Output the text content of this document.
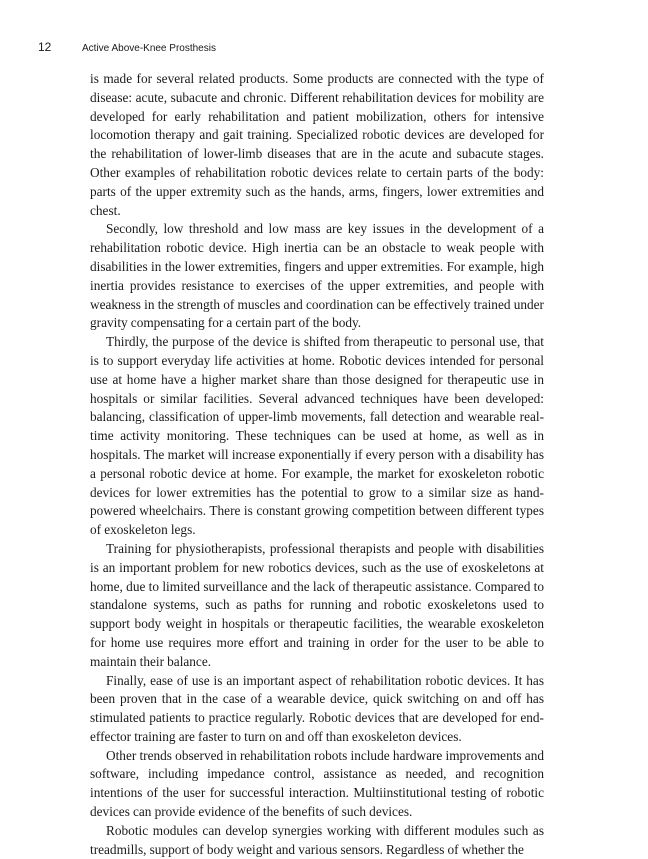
12	Active Above-Knee Prosthesis

is made for several related products. Some products are connected with the type of disease: acute, subacute and chronic. Different rehabilitation devices for mobility are developed for early rehabilitation and patient mobilization, others for intensive locomotion therapy and gait training. Specialized robotic devices are developed for the rehabilitation of lower-limb diseases that are in the acute and subacute stages. Other examples of rehabilitation robotic devices relate to certain parts of the body: parts of the upper extremity such as the hands, arms, fingers, lower extremities and chest.

Secondly, low threshold and low mass are key issues in the development of a rehabilitation robotic device. High inertia can be an obstacle to weak people with disabilities in the lower extremities, fingers and upper extremities. For example, high inertia provides resistance to exercises of the upper extremities, and people with weakness in the strength of muscles and coordination can be effectively trained under gravity compensating for a certain part of the body.

Thirdly, the purpose of the device is shifted from therapeutic to personal use, that is to support everyday life activities at home. Robotic devices intended for personal use at home have a higher market share than those designed for therapeutic use in hospitals or similar facilities. Several advanced techniques have been developed: balancing, classification of upper-limb movements, fall detection and wearable real-time activity monitoring. These techniques can be used at home, as well as in hospitals. The market will increase exponentially if every person with a disability has a personal robotic device at home. For example, the market for exoskeleton robotic devices for lower extremities has the potential to grow to a similar size as hand-powered wheelchairs. There is constant growing competition between different types of exoskeleton legs.

Training for physiotherapists, professional therapists and people with disabilities is an important problem for new robotics devices, such as the use of exoskeletons at home, due to limited surveillance and the lack of therapeutic assistance. Compared to standalone systems, such as paths for running and robotic exoskeletons used to support body weight in hospitals or therapeutic facilities, the wearable exoskeleton for home use requires more effort and training in order for the user to be able to maintain their balance.

Finally, ease of use is an important aspect of rehabilitation robotic devices. It has been proven that in the case of a wearable device, quick switching on and off has stimulated patients to practice regularly. Robotic devices that are developed for end-effector training are faster to turn on and off than exoskeleton devices.

Other trends observed in rehabilitation robots include hardware improvements and software, including impedance control, assistance as needed, and recognition intentions of the user for successful interaction. Multiinstitutional testing of robotic devices can provide evidence of the benefits of such devices.

Robotic modules can develop synergies working with different modules such as treadmills, support of body weight and various sensors. Regardless of whether the
